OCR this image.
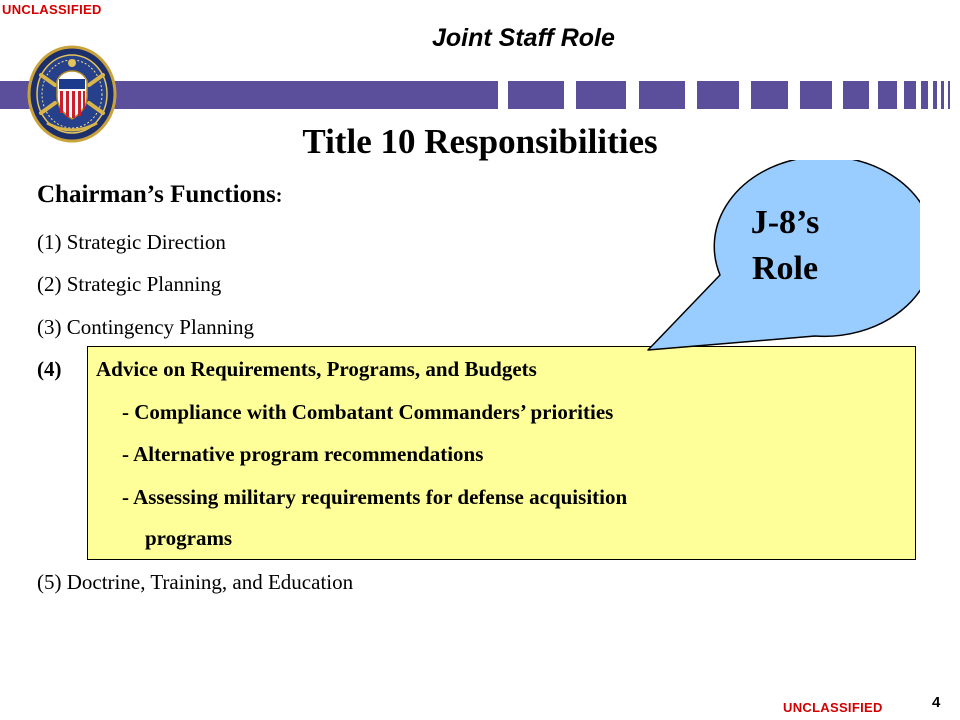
UNCLASSIFIED
Joint Staff Role
Title 10 Responsibilities
Chairman’s Functions:
(1) Strategic Direction
(2) Strategic Planning
(3) Contingency Planning
(4) Advice on Requirements, Programs, and Budgets
- Compliance with Combatant Commanders’ priorities
- Alternative program recommendations
- Assessing military requirements for defense acquisition
programs
(5) Doctrine, Training, and Education
J-8’s
Role
UNCLASSIFIED	4
